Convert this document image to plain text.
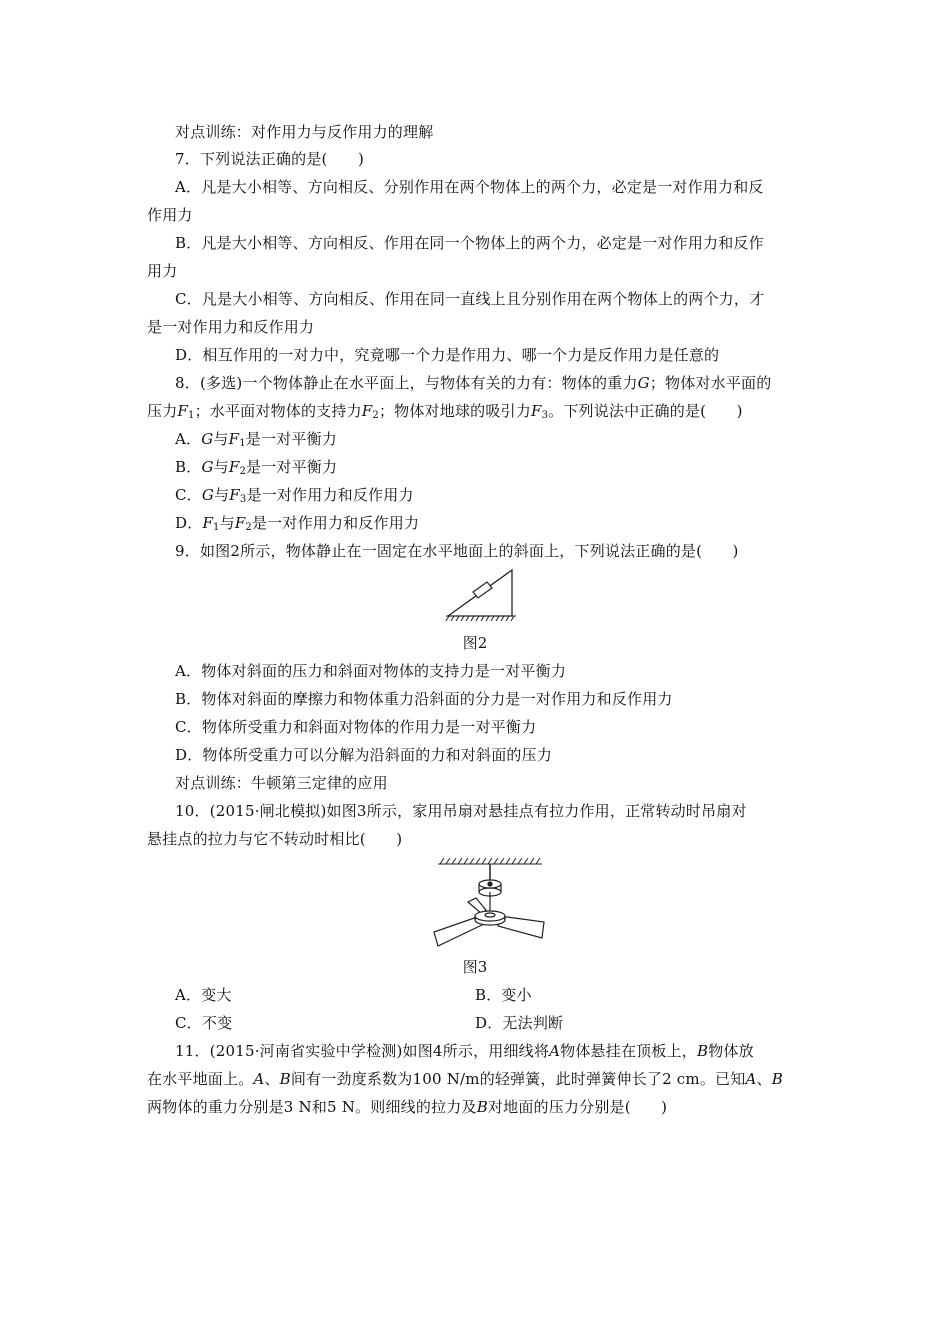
对点训练：对作用力与反作用力的理解
7．下列说法正确的是(　　)
A．凡是大小相等、方向相反、分别作用在两个物体上的两个力，必定是一对作用力和反
作用力
B．凡是大小相等、方向相反、作用在同一个物体上的两个力，必定是一对作用力和反作
用力
C．凡是大小相等、方向相反、作用在同一直线上且分别作用在两个物体上的两个力，才
是一对作用力和反作用力
D．相互作用的一对力中，究竟哪一个力是作用力、哪一个力是反作用力是任意的
8．(多选)一个物体静止在水平面上，与物体有关的力有：物体的重力G；物体对水平面的
压力$F_1$；水平面对物体的支持力$F_2$；物体对地球的吸引力$F_3$。下列说法中正确的是(　　)
A．G与$F_1$是一对平衡力
B．G与$F_2$是一对平衡力
C．G与$F_3$是一对作用力和反作用力
D．$F_1$与$F_2$是一对作用力和反作用力
9．如图2所示，物体静止在一固定在水平地面上的斜面上，下列说法正确的是(　　)
图2
A．物体对斜面的压力和斜面对物体的支持力是一对平衡力
B．物体对斜面的摩擦力和物体重力沿斜面的分力是一对作用力和反作用力
C．物体所受重力和斜面对物体的作用力是一对平衡力
D．物体所受重力可以分解为沿斜面的力和对斜面的压力
对点训练：牛顿第三定律的应用
10．(2015·闸北模拟)如图3所示，家用吊扇对悬挂点有拉力作用，正常转动时吊扇对
悬挂点的拉力与它不转动时相比(　　)
图3
A．变大	B．变小
C．不变	D．无法判断
11．(2015·河南省实验中学检测)如图4所示，用细线将A物体悬挂在顶板上，B物体放
在水平地面上。A、B间有一劲度系数为100 N/m的轻弹簧，此时弹簧伸长了2 cm。已知A、B
两物体的重力分别是3 N和5 N。则细线的拉力及B对地面的压力分别是(　　)
